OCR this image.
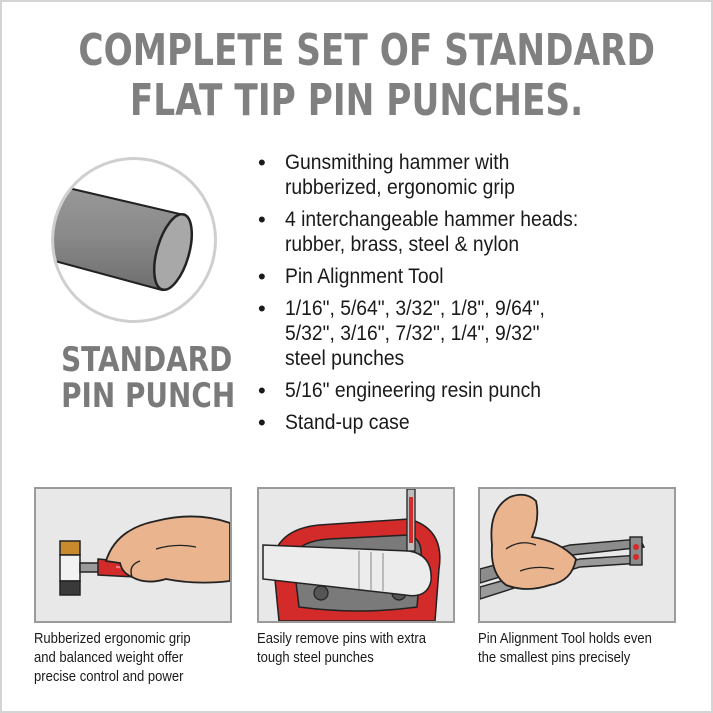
COMPLETE SET OF STANDARD
FLAT TIP PIN PUNCHES.
STANDARD
PIN PUNCH
• Gunsmithing hammer with
rubberized, ergonomic grip
• 4 interchangeable hammer heads:
rubber, brass, steel & nylon
• Pin Alignment Tool
• 1/16", 5/64", 3/32", 1/8", 9/64",
5/32", 3/16", 7/32", 1/4", 9/32"
steel punches
• 5/16" engineering resin punch
• Stand-up case
Rubberized ergonomic grip
and balanced weight offer
precise control and power
Easily remove pins with extra
tough steel punches
Pin Alignment Tool holds even
the smallest pins precisely
